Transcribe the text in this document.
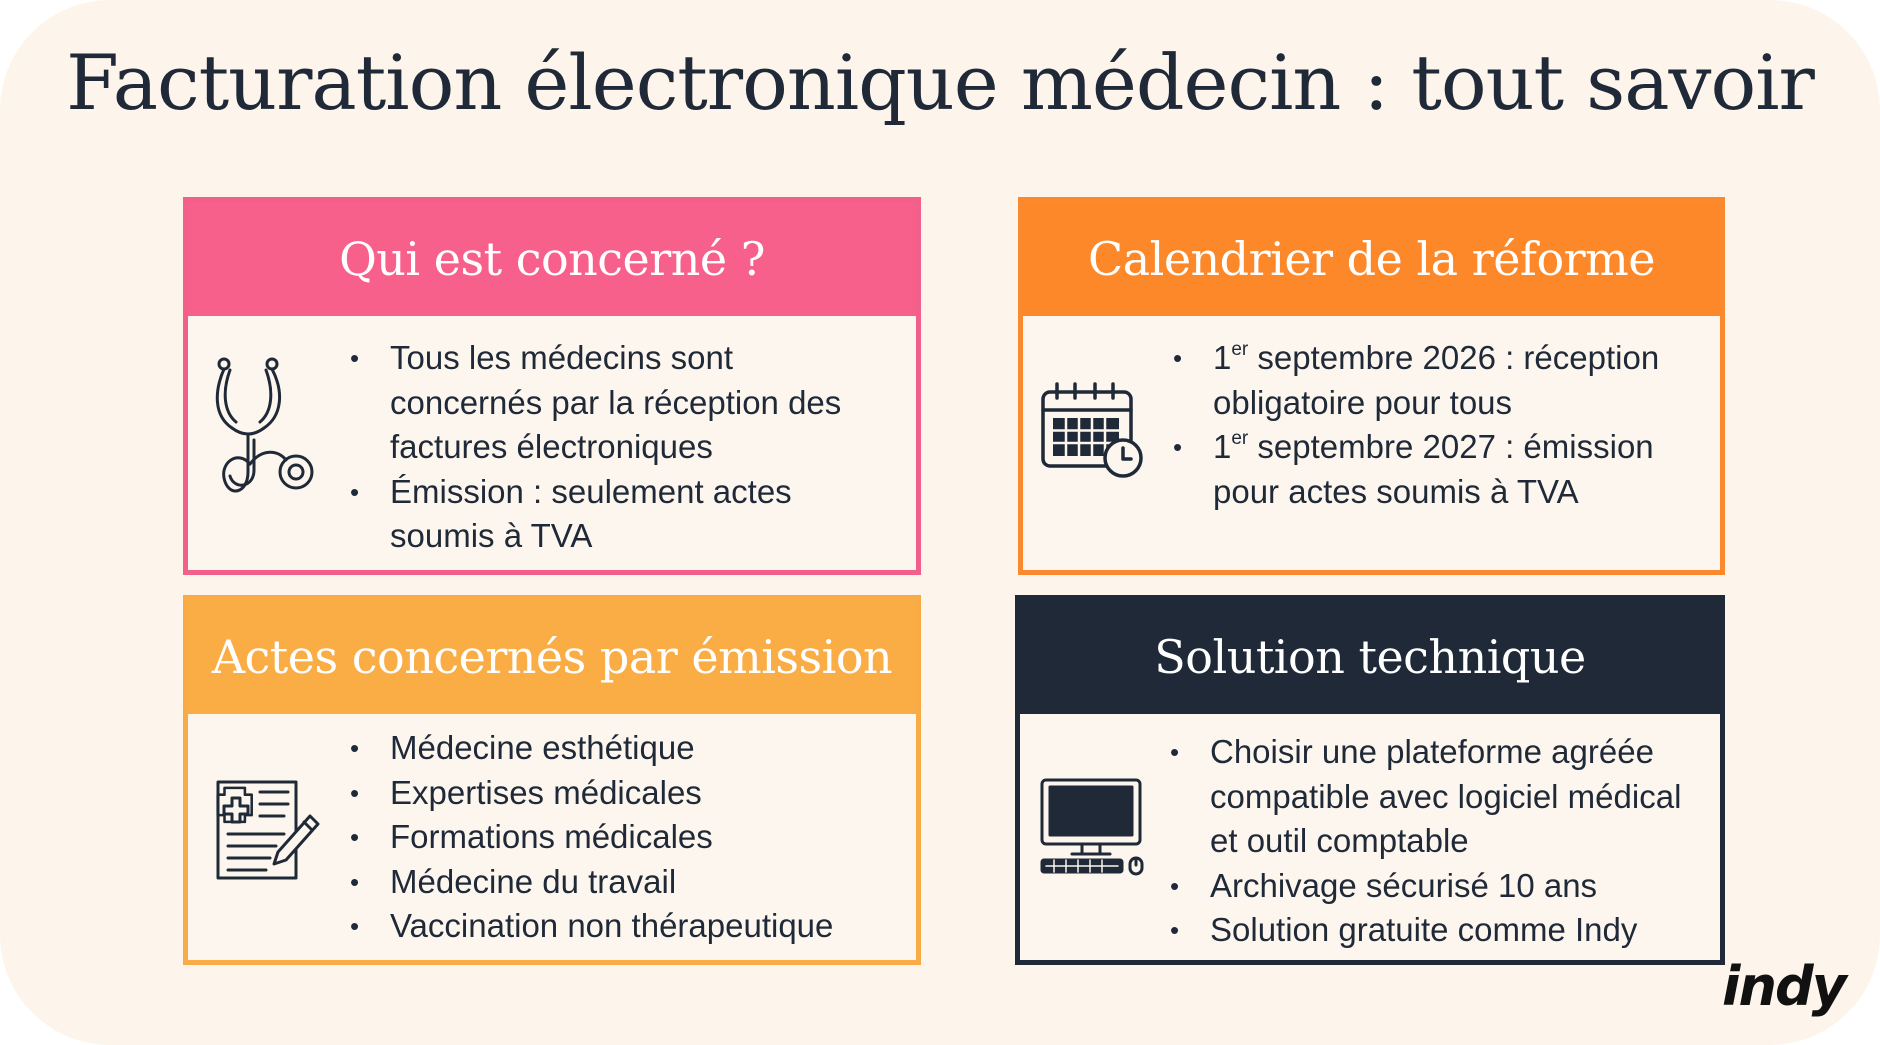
Facturation électronique médecin : tout savoir
Qui est concerné ?
• Tous les médecins sont concernés par la réception des factures électroniques
• Émission : seulement actes soumis à TVA
Calendrier de la réforme
• 1er septembre 2026 : réception obligatoire pour tous
• 1er septembre 2027 : émission pour actes soumis à TVA
Actes concernés par émission
• Médecine esthétique
• Expertises médicales
• Formations médicales
• Médecine du travail
• Vaccination non thérapeutique
Solution technique
• Choisir une plateforme agréée compatible avec logiciel médical et outil comptable
• Archivage sécurisé 10 ans
• Solution gratuite comme Indy
indy
